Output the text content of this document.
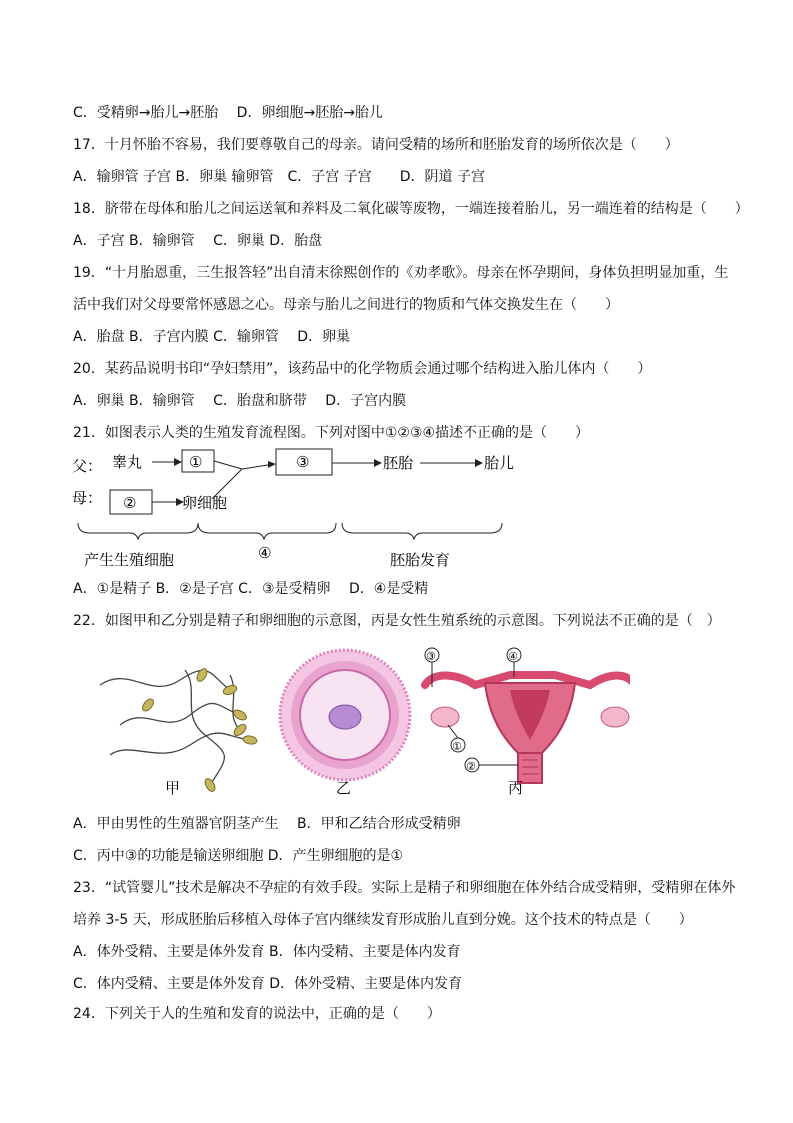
C．受精卵→胎儿→胚胎　 D．卵细胞→胚胎→胎儿
17．十月怀胎不容易，我们要尊敬自己的母亲。请问受精的场所和胚胎发育的场所依次是（　　）
A．输卵管 子宫 B．卵巢 输卵管　C．子宫 子宫　　D．阴道 子宫
18．脐带在母体和胎儿之间运送氧和养料及二氧化碳等废物，一端连接着胎儿，另一端连着的结构是（　　）
A．子宫 B．输卵管　 C．卵巢 D．胎盘
19．“十月胎恩重，三生报答轻”出自清末徐熙创作的《劝孝歌》。母亲在怀孕期间，身体负担明显加重，生
活中我们对父母要常怀感恩之心。母亲与胎儿之间进行的物质和气体交换发生在（　　）
A．胎盘 B．子宫内膜 C．输卵管　 D．卵巢
20．某药品说明书印“孕妇禁用”，该药品中的化学物质会通过哪个结构进入胎儿体内（　　）
A．卵巢 B．输卵管　 C．胎盘和脐带　 D．子宫内膜
21．如图表示人类的生殖发育流程图。下列对图中①②③④描述不正确的是（　　）
父：
母：
睾丸	①
②	卵细胞
③	胚胎	胎儿
产生生殖细胞	④	胚胎发育
A．①是精子 B．②是子宫 C．③是受精卵　 D．④是受精
22．如图甲和乙分别是精子和卵细胞的示意图，丙是女性生殖系统的示意图。下列说法不正确的是（　）
甲	乙
③	④
①
②
丙
A．甲由男性的生殖器官阴茎产生　 B．甲和乙结合形成受精卵
C．丙中③的功能是输送卵细胞 D．产生卵细胞的是①
23．“试管婴儿”技术是解决不孕症的有效手段。实际上是精子和卵细胞在体外结合成受精卵，受精卵在体外
培养 3-5 天，形成胚胎后移植入母体子宫内继续发育形成胎儿直到分娩。这个技术的特点是（　　）
A．体外受精、主要是体外发育 B．体内受精、主要是体内发育
C．体内受精、主要是体外发育 D．体外受精、主要是体内发育
24．下列关于人的生殖和发育的说法中，正确的是（　　）
